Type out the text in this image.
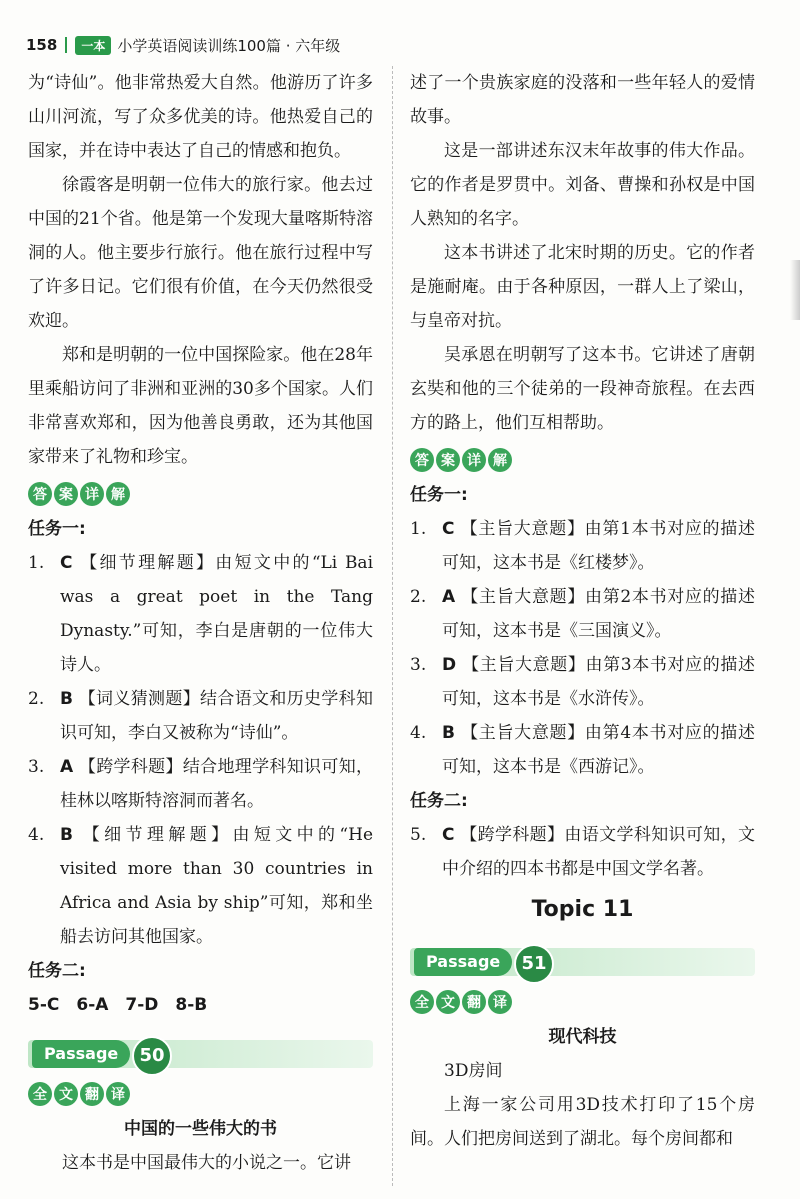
158	一本 小学英语阅读训练100篇 · 六年级

为“诗仙”。他非常热爱大自然。他游历了许多山川河流，写了众多优美的诗。他热爱自己的国家，并在诗中表达了自己的情感和抱负。

徐霞客是明朝一位伟大的旅行家。他去过中国的21个省。他是第一个发现大量喀斯特溶洞的人。他主要步行旅行。他在旅行过程中写了许多日记。它们很有价值，在今天仍然很受欢迎。

郑和是明朝的一位中国探险家。他在28年里乘船访问了非洲和亚洲的30多个国家。人们非常喜欢郑和，因为他善良勇敢，还为其他国家带来了礼物和珍宝。

答 案 详 解
任务一:
1. C 【细节理解题】由短文中的“Li Bai was a great poet in the Tang Dynasty.”可知，李白是唐朝的一位伟大诗人。
2. B 【词义猜测题】结合语文和历史学科知识可知，李白又被称为“诗仙”。
3. A 【跨学科题】结合地理学科知识可知，桂林以喀斯特溶洞而著名。
4. B 【细节理解题】由短文中的“He visited more than 30 countries in Africa and Asia by ship”可知，郑和坐船去访问其他国家。
任务二:
5-C　6-A　7-D　8-B
Passage	50
全 文 翻 译
中国的一些伟大的书

这本书是中国最伟大的小说之一。它讲

述了一个贵族家庭的没落和一些年轻人的爱情故事。

这是一部讲述东汉末年故事的伟大作品。它的作者是罗贯中。刘备、曹操和孙权是中国人熟知的名字。

这本书讲述了北宋时期的历史。它的作者是施耐庵。由于各种原因，一群人上了梁山，与皇帝对抗。

吴承恩在明朝写了这本书。它讲述了唐朝玄奘和他的三个徒弟的一段神奇旅程。在去西方的路上，他们互相帮助。

答 案 详 解
任务一:
1. C 【主旨大意题】由第1本书对应的描述可知，这本书是《红楼梦》。
2. A 【主旨大意题】由第2本书对应的描述可知，这本书是《三国演义》。
3. D 【主旨大意题】由第3本书对应的描述可知，这本书是《水浒传》。
4. B 【主旨大意题】由第4本书对应的描述可知，这本书是《西游记》。
任务二:
5. C 【跨学科题】由语文学科知识可知，文中介绍的四本书都是中国文学名著。
Topic 11
Passage	51
全 文 翻 译
现代科技

3D房间

上海一家公司用3D技术打印了15个房间。人们把房间送到了湖北。每个房间都和
